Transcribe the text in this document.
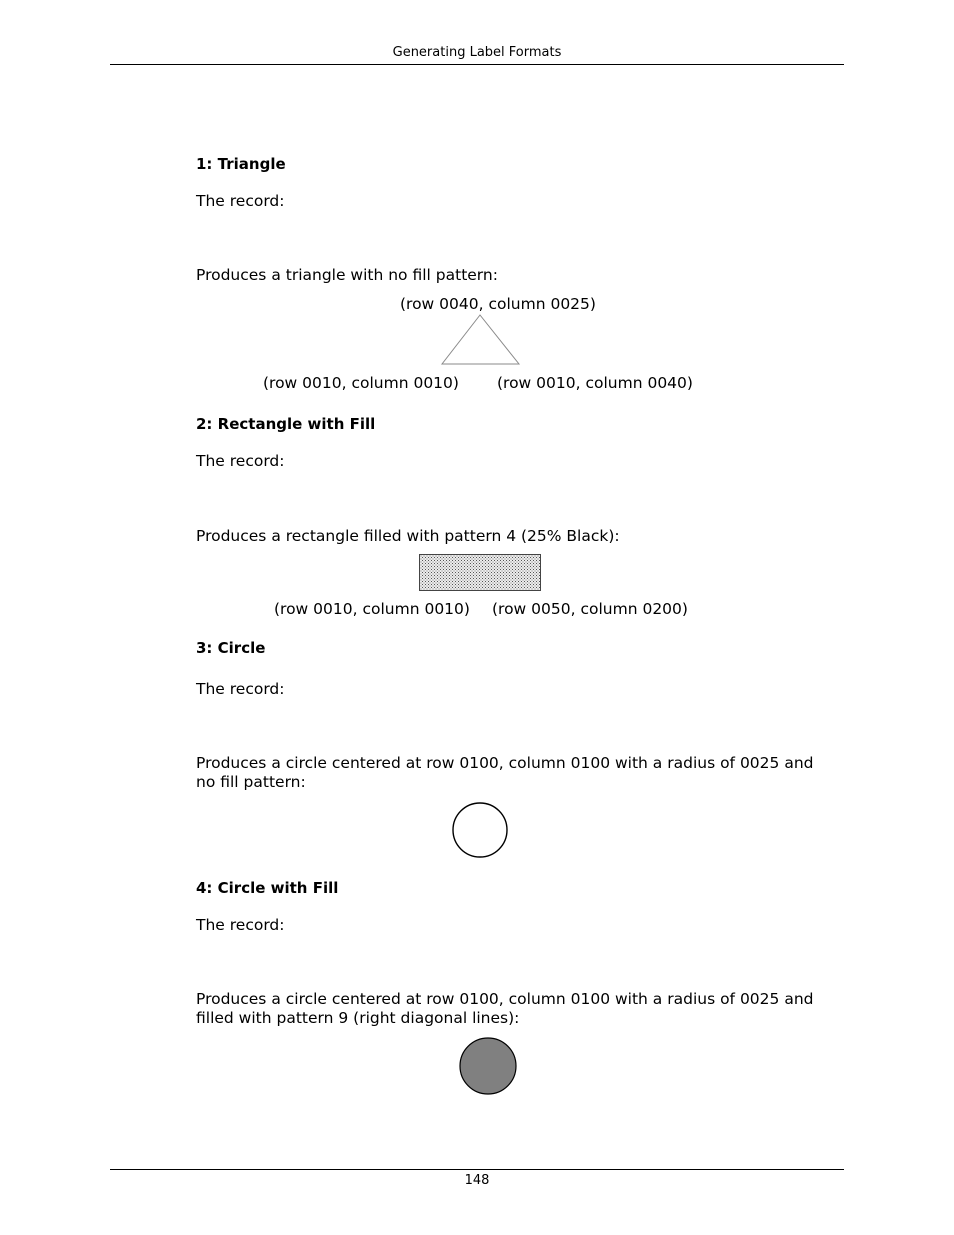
Generating Label Formats
1: Triangle
The record:
Produces a triangle with no fill pattern:
(row 0040, column 0025)
(row 0010, column 0010) (row 0010, column 0040)
2: Rectangle with Fill
The record:
Produces a rectangle filled with pattern 4 (25% Black):
(row 0010, column 0010) (row 0050, column 0200)
3: Circle
The record:
Produces a circle centered at row 0100, column 0100 with a radius of 0025 and no fill pattern:
4: Circle with Fill
The record:
Produces a circle centered at row 0100, column 0100 with a radius of 0025 and filled with pattern 9 (right diagonal lines):
148
